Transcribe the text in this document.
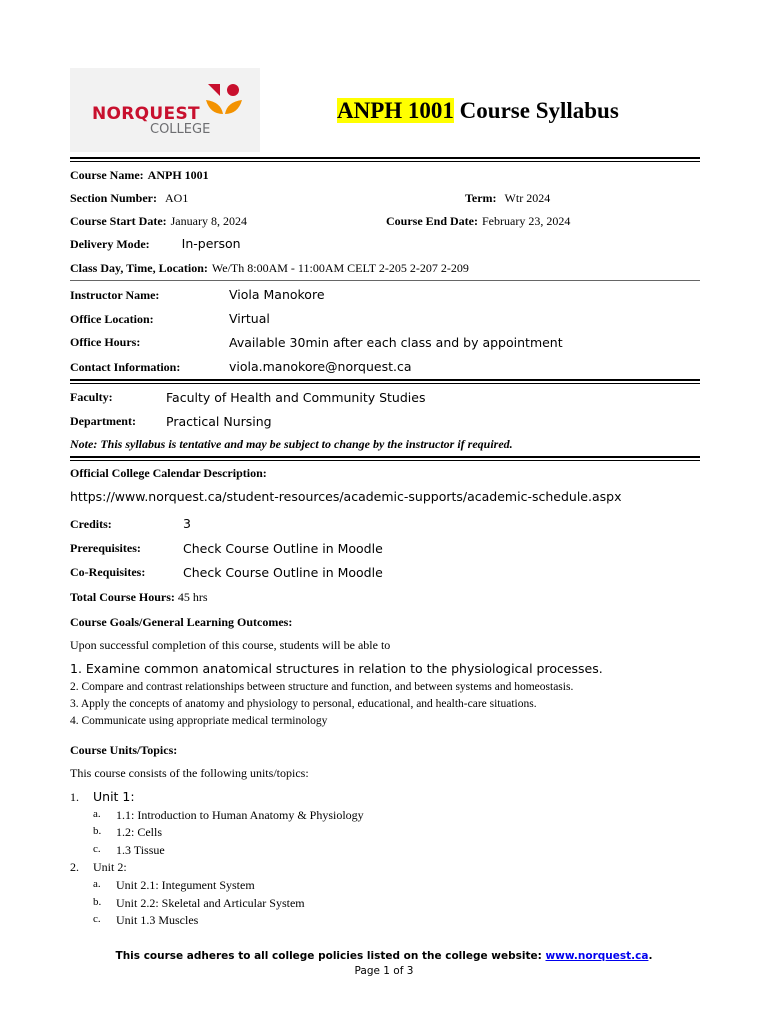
NORQUEST
COLLEGE
ANPH 1001 Course Syllabus
Course Name: ANPH 1001
Section Number: AO1	Term: Wtr 2024
Course Start Date: January 8, 2024	Course End Date: February 23, 2024
Delivery Mode:	In-person
Class Day, Time, Location: We/Th 8:00AM - 11:00AM CELT 2-205 2-207 2-209
Instructor Name:	Viola Manokore
Office Location:	Virtual
Office Hours:	Available 30min after each class and by appointment
Contact Information:	viola.manokore@norquest.ca
Faculty:	Faculty of Health and Community Studies
Department: Practical Nursing
Note: This syllabus is tentative and may be subject to change by the instructor if required.
Official College Calendar Description:
https://www.norquest.ca/student-resources/academic-supports/academic-schedule.aspx
Credits:	3
Prerequisites:	Check Course Outline in Moodle
Co-Requisites:	Check Course Outline in Moodle
Total Course Hours: 45 hrs
Course Goals/General Learning Outcomes:
Upon successful completion of this course, students will be able to
1. Examine common anatomical structures in relation to the physiological processes.
2. Compare and contrast relationships between structure and function, and between systems and homeostasis.
3. Apply the concepts of anatomy and physiology to personal, educational, and health-care situations.
4. Communicate using appropriate medical terminology
Course Units/Topics:
This course consists of the following units/topics:
1. Unit 1:
a. 1.1: Introduction to Human Anatomy & Physiology
b. 1.2: Cells
c. 1.3 Tissue
2. Unit 2:
a. Unit 2.1: Integument System
b. Unit 2.2: Skeletal and Articular System
c. Unit 1.3 Muscles
This course adheres to all college policies listed on the college website: www.norquest.ca.
Page 1 of 3
